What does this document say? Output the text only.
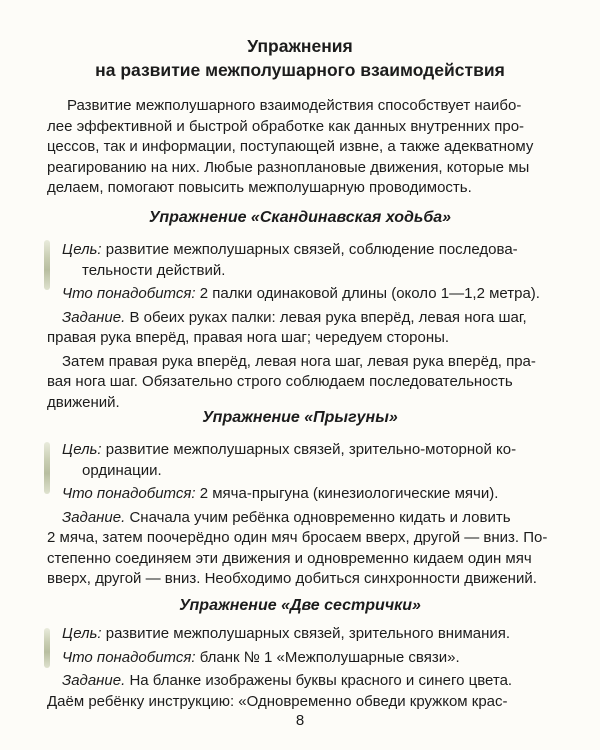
Упражнения
на развитие межполушарного взаимодействия
Развитие межполушарного взаимодействия способствует наибо-
лее эффективной и быстрой обработке как данных внутренних про-
цессов, так и информации, поступающей извне, а также адекватному
реагированию на них. Любые разноплановые движения, которые мы
делаем, помогают повысить межполушарную проводимость.
Упражнение «Скандинавская ходьба»
Цель: развитие межполушарных связей, соблюдение последова-
тельности действий.
Что понадобится: 2 палки одинаковой длины (около 1—1,2 метра).
Задание. В обеих руках палки: левая рука вперёд, левая нога шаг,
правая рука вперёд, правая нога шаг; чередуем стороны.
Затем правая рука вперёд, левая нога шаг, левая рука вперёд, пра-
вая нога шаг. Обязательно строго соблюдаем последовательность
движений.
Упражнение «Прыгуны»
Цель: развитие межполушарных связей, зрительно-моторной ко-
ординации.
Что понадобится: 2 мяча-прыгуна (кинезиологические мячи).
Задание. Сначала учим ребёнка одновременно кидать и ловить
2 мяча, затем поочерёдно один мяч бросаем вверх, другой — вниз. По-
степенно соединяем эти движения и одновременно кидаем один мяч
вверх, другой — вниз. Необходимо добиться синхронности движений.
Упражнение «Две сестрички»
Цель: развитие межполушарных связей, зрительного внимания.
Что понадобится: бланк № 1 «Межполушарные связи».
Задание. На бланке изображены буквы красного и синего цвета.
Даём ребёнку инструкцию: «Одновременно обведи кружком крас-
8
